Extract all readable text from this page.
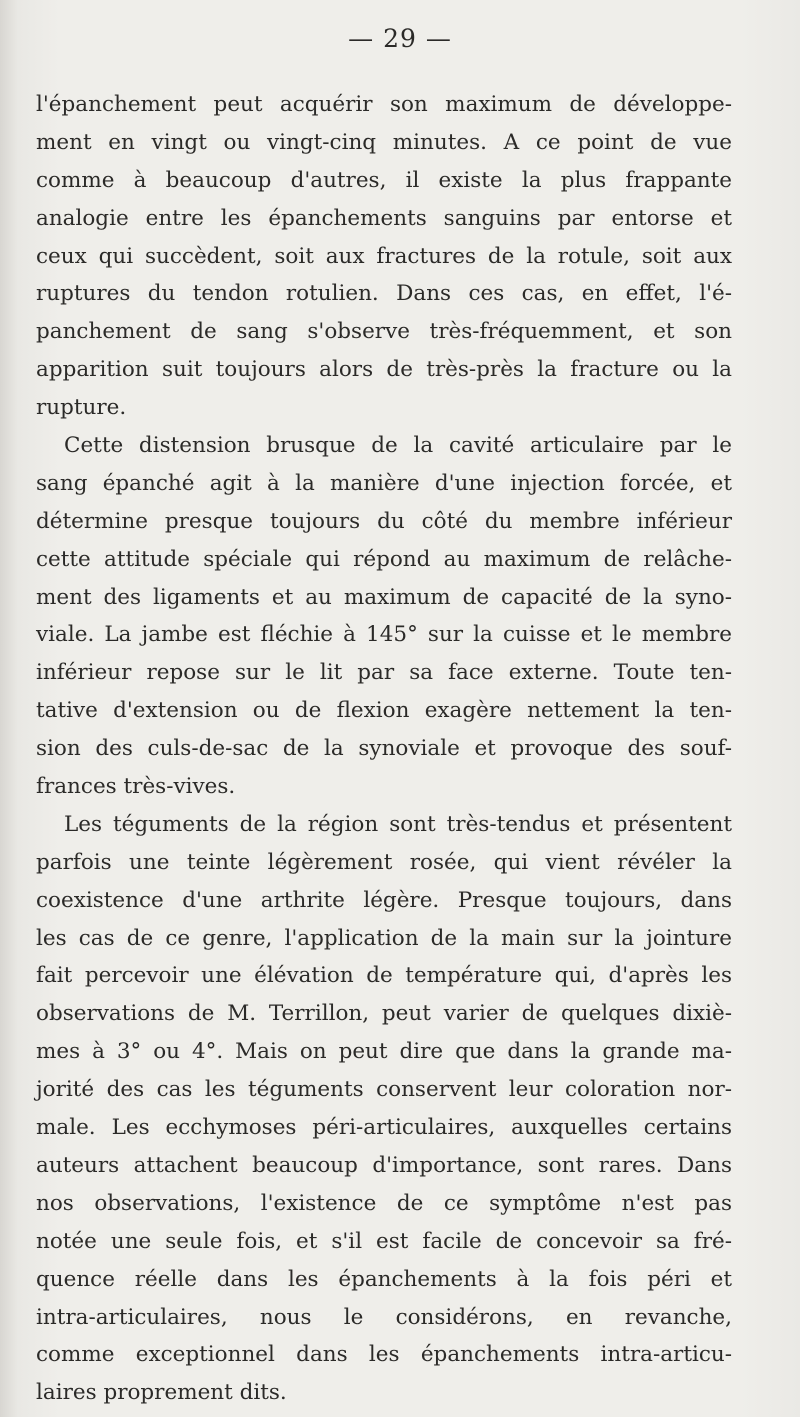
— 29 —
l'épanchement peut acquérir son maximum de développe-
ment en vingt ou vingt-cinq minutes. A ce point de vue
comme à beaucoup d'autres, il existe la plus frappante
analogie entre les épanchements sanguins par entorse et
ceux qui succèdent, soit aux fractures de la rotule, soit aux
ruptures du tendon rotulien. Dans ces cas, en effet, l'é-
panchement de sang s'observe très-fréquemment, et son
apparition suit toujours alors de très-près la fracture ou la
rupture.
Cette distension brusque de la cavité articulaire par le
sang épanché agit à la manière d'une injection forcée, et
détermine presque toujours du côté du membre inférieur
cette attitude spéciale qui répond au maximum de relâche-
ment des ligaments et au maximum de capacité de la syno-
viale. La jambe est fléchie à 145° sur la cuisse et le membre
inférieur repose sur le lit par sa face externe. Toute ten-
tative d'extension ou de flexion exagère nettement la ten-
sion des culs-de-sac de la synoviale et provoque des souf-
frances très-vives.
Les téguments de la région sont très-tendus et présentent
parfois une teinte légèrement rosée, qui vient révéler la
coexistence d'une arthrite légère. Presque toujours, dans
les cas de ce genre, l'application de la main sur la jointure
fait percevoir une élévation de température qui, d'après les
observations de M. Terrillon, peut varier de quelques dixiè-
mes à 3° ou 4°. Mais on peut dire que dans la grande ma-
jorité des cas les téguments conservent leur coloration nor-
male. Les ecchymoses péri-articulaires, auxquelles certains
auteurs attachent beaucoup d'importance, sont rares. Dans
nos observations, l'existence de ce symptôme n'est pas
notée une seule fois, et s'il est facile de concevoir sa fré-
quence réelle dans les épanchements à la fois péri et
intra-articulaires, nous le considérons, en revanche,
comme exceptionnel dans les épanchements intra-articu-
laires proprement dits.
